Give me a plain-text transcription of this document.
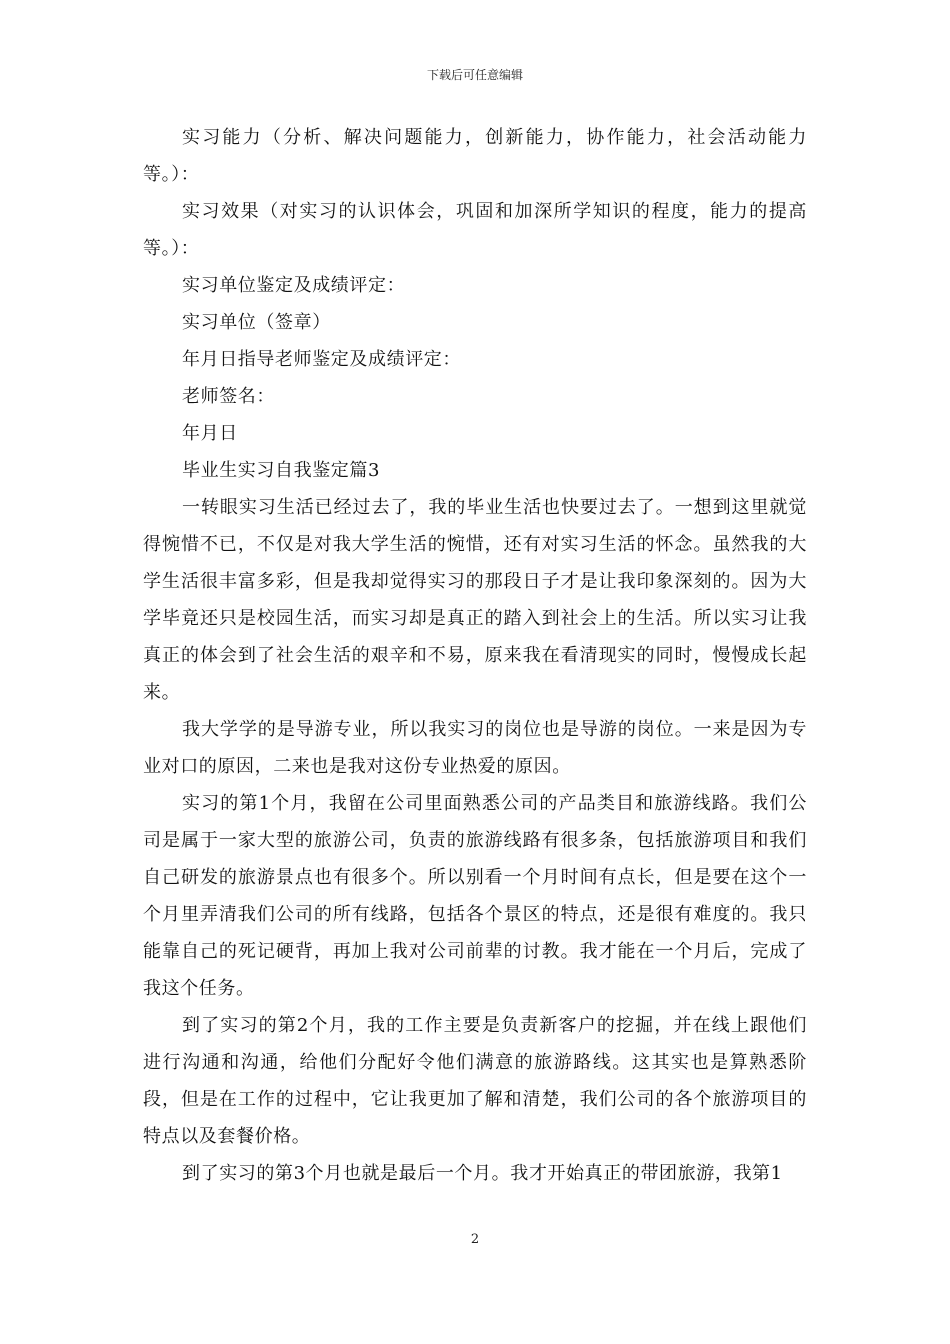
下载后可任意编辑

实习能力（分析、解决问题能力，创新能力，协作能力，社会活动能力等。）：

实习效果（对实习的认识体会，巩固和加深所学知识的程度，能力的提高等。）：

实习单位鉴定及成绩评定：

实习单位（签章）

年月日指导老师鉴定及成绩评定：

老师签名：

年月日

毕业生实习自我鉴定篇3

一转眼实习生活已经过去了，我的毕业生活也快要过去了。一想到这里就觉得惋惜不已，不仅是对我大学生活的惋惜，还有对实习生活的怀念。虽然我的大学生活很丰富多彩，但是我却觉得实习的那段日子才是让我印象深刻的。因为大学毕竟还只是校园生活，而实习却是真正的踏入到社会上的生活。所以实习让我真正的体会到了社会生活的艰辛和不易，原来我在看清现实的同时，慢慢成长起来。

我大学学的是导游专业，所以我实习的岗位也是导游的岗位。一来是因为专业对口的原因，二来也是我对这份专业热爱的原因。

实习的第1个月，我留在公司里面熟悉公司的产品类目和旅游线路。我们公司是属于一家大型的旅游公司，负责的旅游线路有很多条，包括旅游项目和我们自己研发的旅游景点也有很多个。所以别看一个月时间有点长，但是要在这个一个月里弄清我们公司的所有线路，包括各个景区的特点，还是很有难度的。我只能靠自己的死记硬背，再加上我对公司前辈的讨教。我才能在一个月后，完成了我这个任务。

到了实习的第2个月，我的工作主要是负责新客户的挖掘，并在线上跟他们进行沟通和沟通，给他们分配好令他们满意的旅游路线。这其实也是算熟悉阶段，但是在工作的过程中，它让我更加了解和清楚，我们公司的各个旅游项目的特点以及套餐价格。

到了实习的第3个月也就是最后一个月。我才开始真正的带团旅游，我第1

2
